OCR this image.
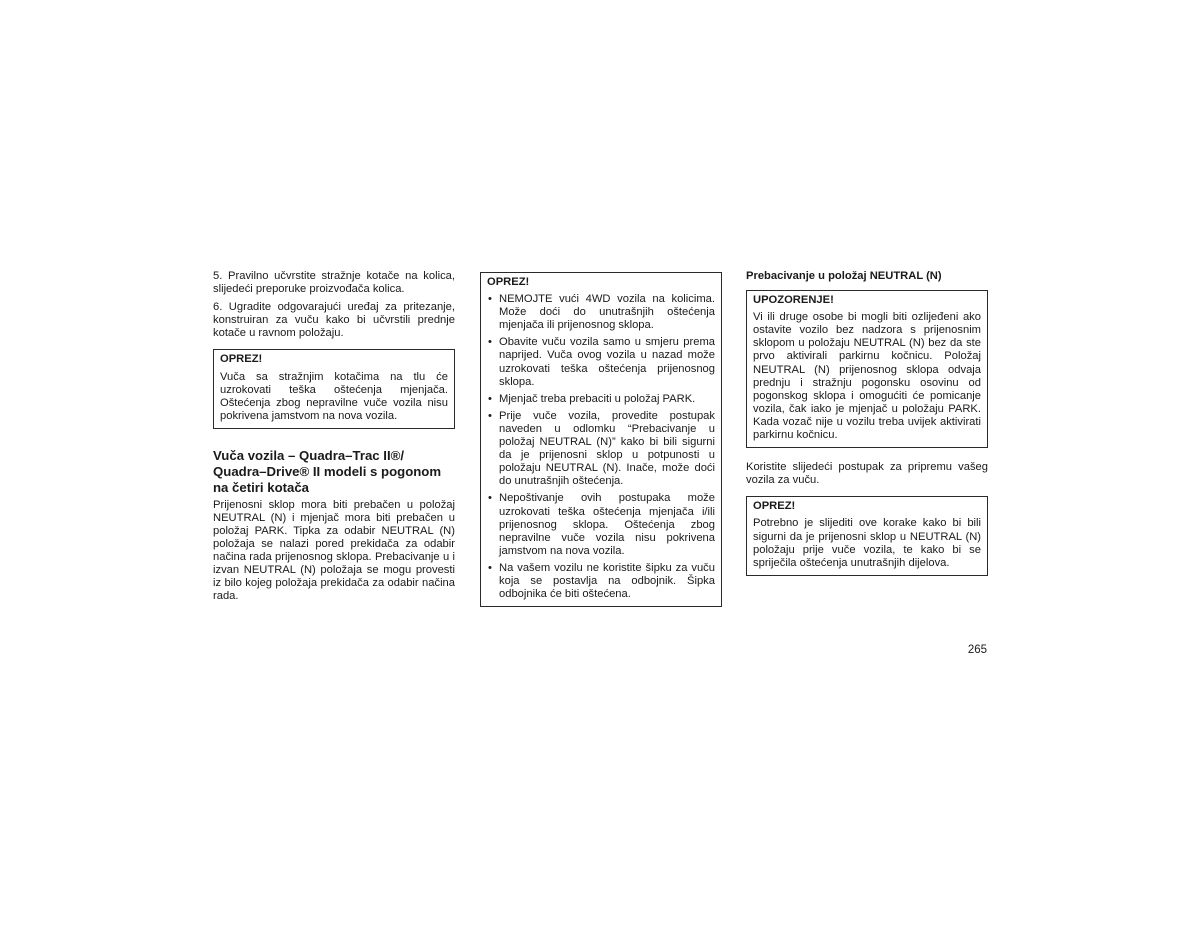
5. Pravilno učvrstite stražnje kotače na kolica, slijedeći preporuke proizvođača kolica.

6. Ugradite odgovarajući uređaj za pritezanje, konstruiran za vuču kako bi učvrstili prednje kotače u ravnom položaju.

OPREZ!

Vuča sa stražnjim kotačima na tlu će uzrokovati teška oštećenja mjenjača. Oštećenja zbog nepravilne vuče vozila nisu pokrivena jamstvom na nova vozila.

Vuča vozila – Quadra–Trac II®/ Quadra–Drive® II modeli s pogonom na četiri kotača

Prijenosni sklop mora biti prebačen u položaj NEUTRAL (N) i mjenjač mora biti prebačen u položaj PARK. Tipka za odabir NEUTRAL (N) položaja se nalazi pored prekidača za odabir načina rada prijenosnog sklopa. Prebacivanje u i izvan NEUTRAL (N) položaja se mogu provesti iz bilo kojeg položaja prekidača za odabir načina rada.

OPREZ!
• NEMOJTE vući 4WD vozila na kolicima. Može doći do unutrašnjih oštećenja mjenjača ili prijenosnog sklopa.
• Obavite vuču vozila samo u smjeru prema naprijed. Vuča ovog vozila u nazad može uzrokovati teška oštećenja prijenosnog sklopa.
• Mjenjač treba prebaciti u položaj PARK.
• Prije vuče vozila, provedite postupak naveden u odlomku “Prebacivanje u položaj NEUTRAL (N)” kako bi bili sigurni da je prijenosni sklop u potpunosti u položaju NEUTRAL (N). Inače, može doći do unutrašnjih oštećenja.
• Nepoštivanje ovih postupaka može uzrokovati teška oštećenja mjenjača i/ili prijenosnog sklopa. Oštećenja zbog nepravilne vuče vozila nisu pokrivena jamstvom na nova vozila.
• Na vašem vozilu ne koristite šipku za vuču koja se postavlja na odbojnik. Šipka odbojnika će biti oštećena.
Prebacivanje u položaj NEUTRAL (N)
UPOZORENJE!

Vi ili druge osobe bi mogli biti ozlijeđeni ako ostavite vozilo bez nadzora s prijenosnim sklopom u položaju NEUTRAL (N) bez da ste prvo aktivirali parkirnu kočnicu. Položaj NEUTRAL (N) prijenosnog sklopa odvaja prednju i stražnju pogonsku osovinu od pogonskog sklopa i omogućiti će pomicanje vozila, čak iako je mjenjač u položaju PARK. Kada vozač nije u vozilu treba uvijek aktivirati parkirnu kočnicu.

Koristite slijedeći postupak za pripremu vašeg vozila za vuču.

OPREZ!

Potrebno je slijediti ove korake kako bi bili sigurni da je prijenosni sklop u NEUTRAL (N) položaju prije vuče vozila, te kako bi se spriječila oštećenja unutrašnjih dijelova.

265
